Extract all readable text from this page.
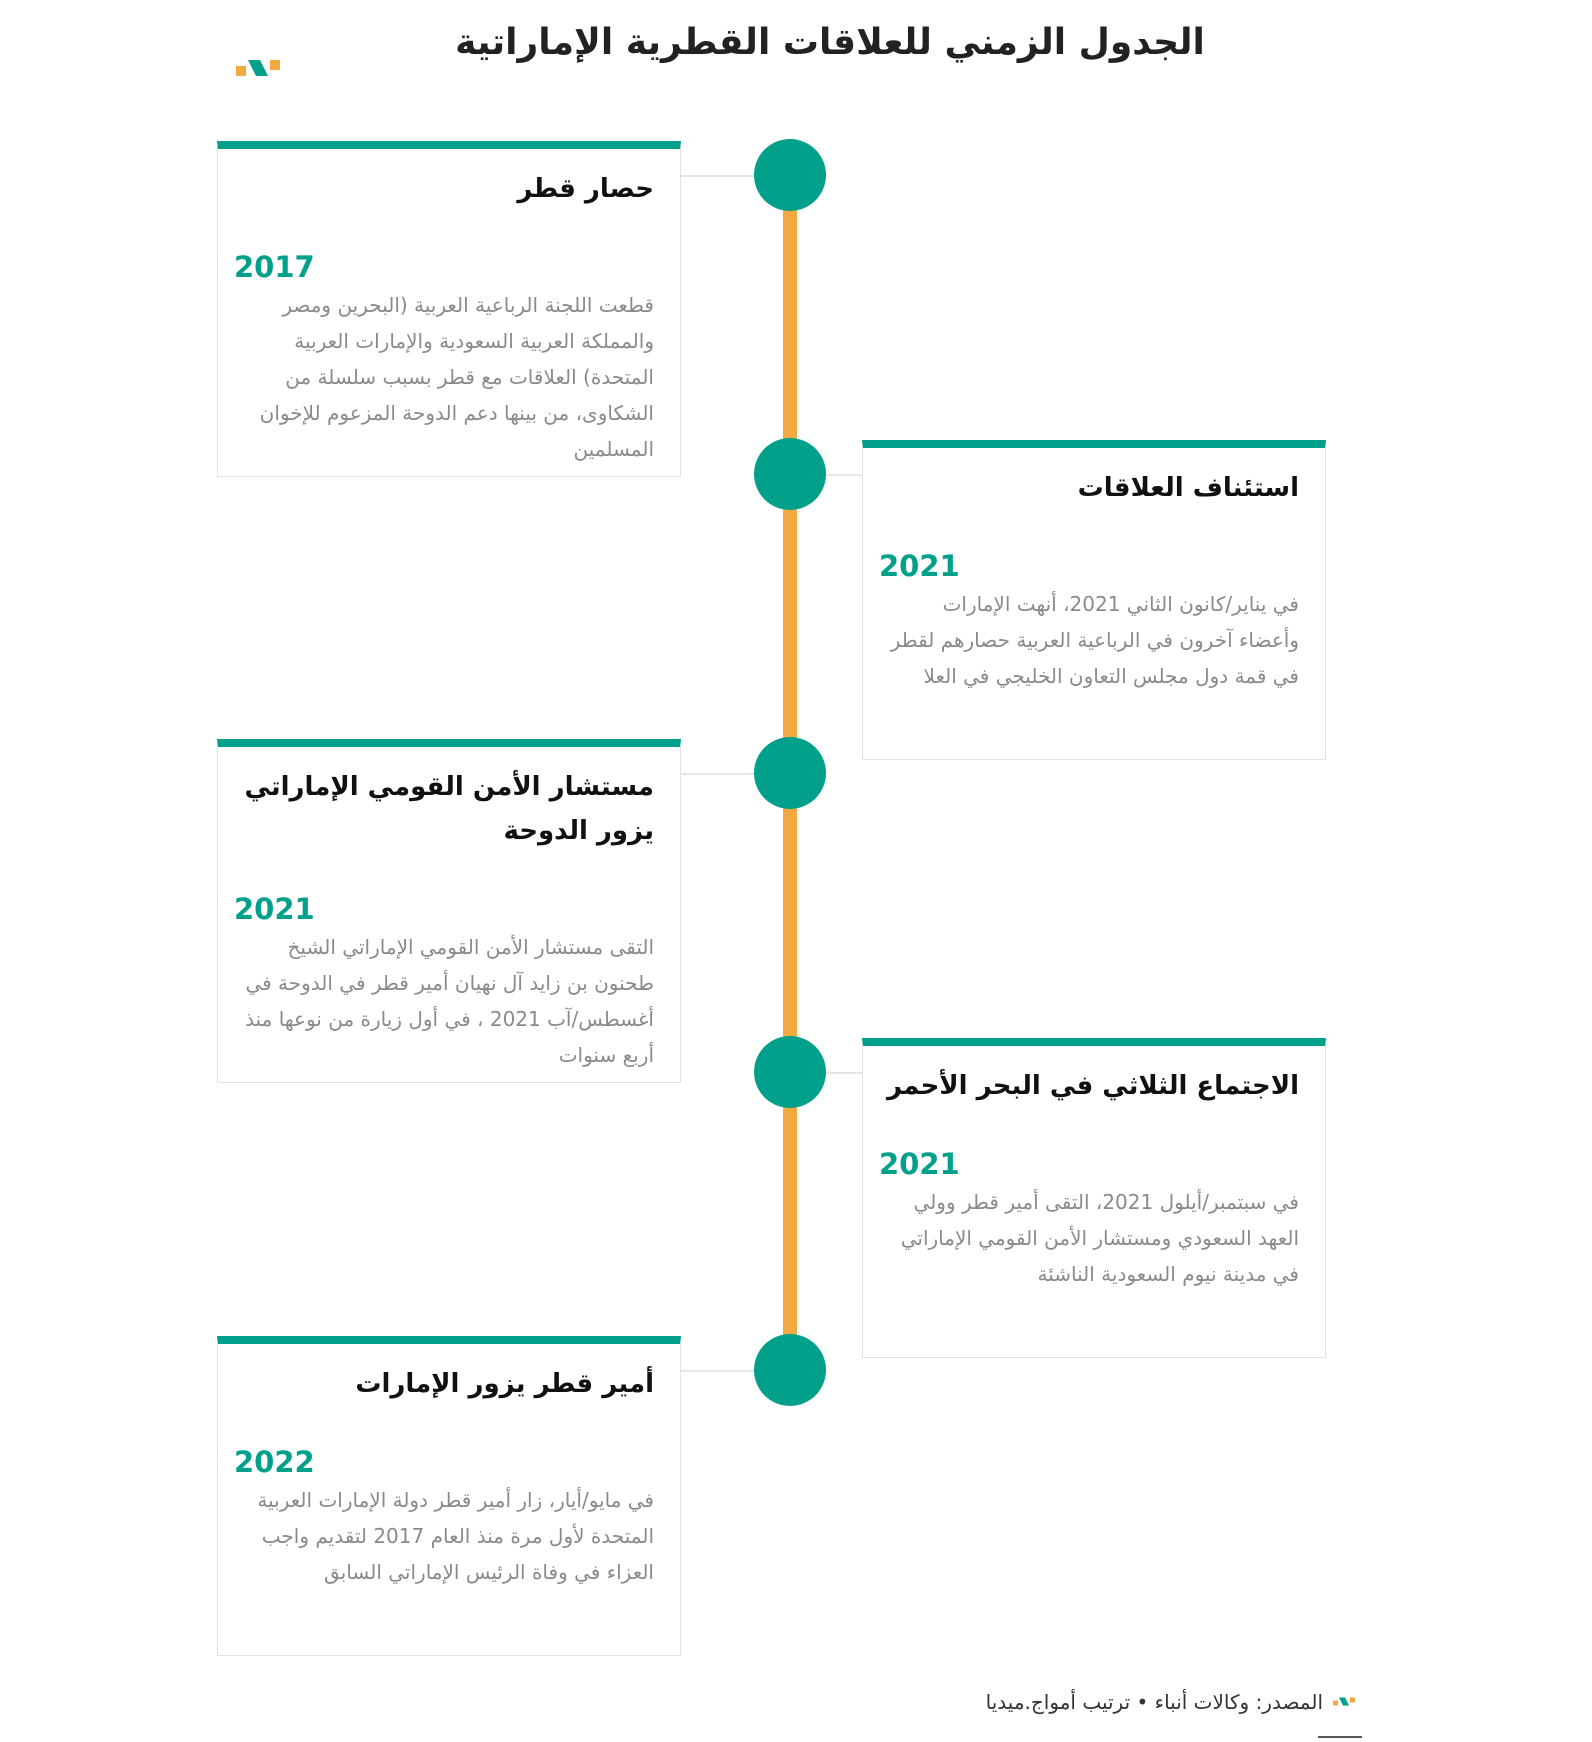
الجدول الزمني للعلاقات القطرية الإماراتية
حصار قطر
2017
قطعت اللجنة الرباعية العربية (البحرين ومصر والمملكة العربية السعودية والإمارات العربية المتحدة) العلاقات مع قطر بسبب سلسلة من الشكاوى، من بينها دعم الدوحة المزعوم للإخوان المسلمين
استئناف العلاقات
2021
في يناير/كانون الثاني 2021، أنهت الإمارات وأعضاء آخرون في الرباعية العربية حصارهم لقطر في قمة دول مجلس التعاون الخليجي في العلا
مستشار الأمن القومي الإماراتي يزور الدوحة
2021
التقى مستشار الأمن القومي الإماراتي الشيخ طحنون بن زايد آل نهيان أمير قطر في الدوحة في أغسطس/آب 2021 ، في أول زيارة من نوعها منذ أربع سنوات
الاجتماع الثلاثي في البحر الأحمر
2021
في سبتمبر/أيلول 2021، التقى أمير قطر وولي العهد السعودي ومستشار الأمن القومي الإماراتي في مدينة نيوم السعودية الناشئة
أمير قطر يزور الإمارات
2022
في مايو/أيار، زار أمير قطر دولة الإمارات العربية المتحدة لأول مرة منذ العام 2017 لتقديم واجب العزاء في وفاة الرئيس الإماراتي السابق
المصدر: وكالات أنباء • ترتيب أمواج.ميديا
